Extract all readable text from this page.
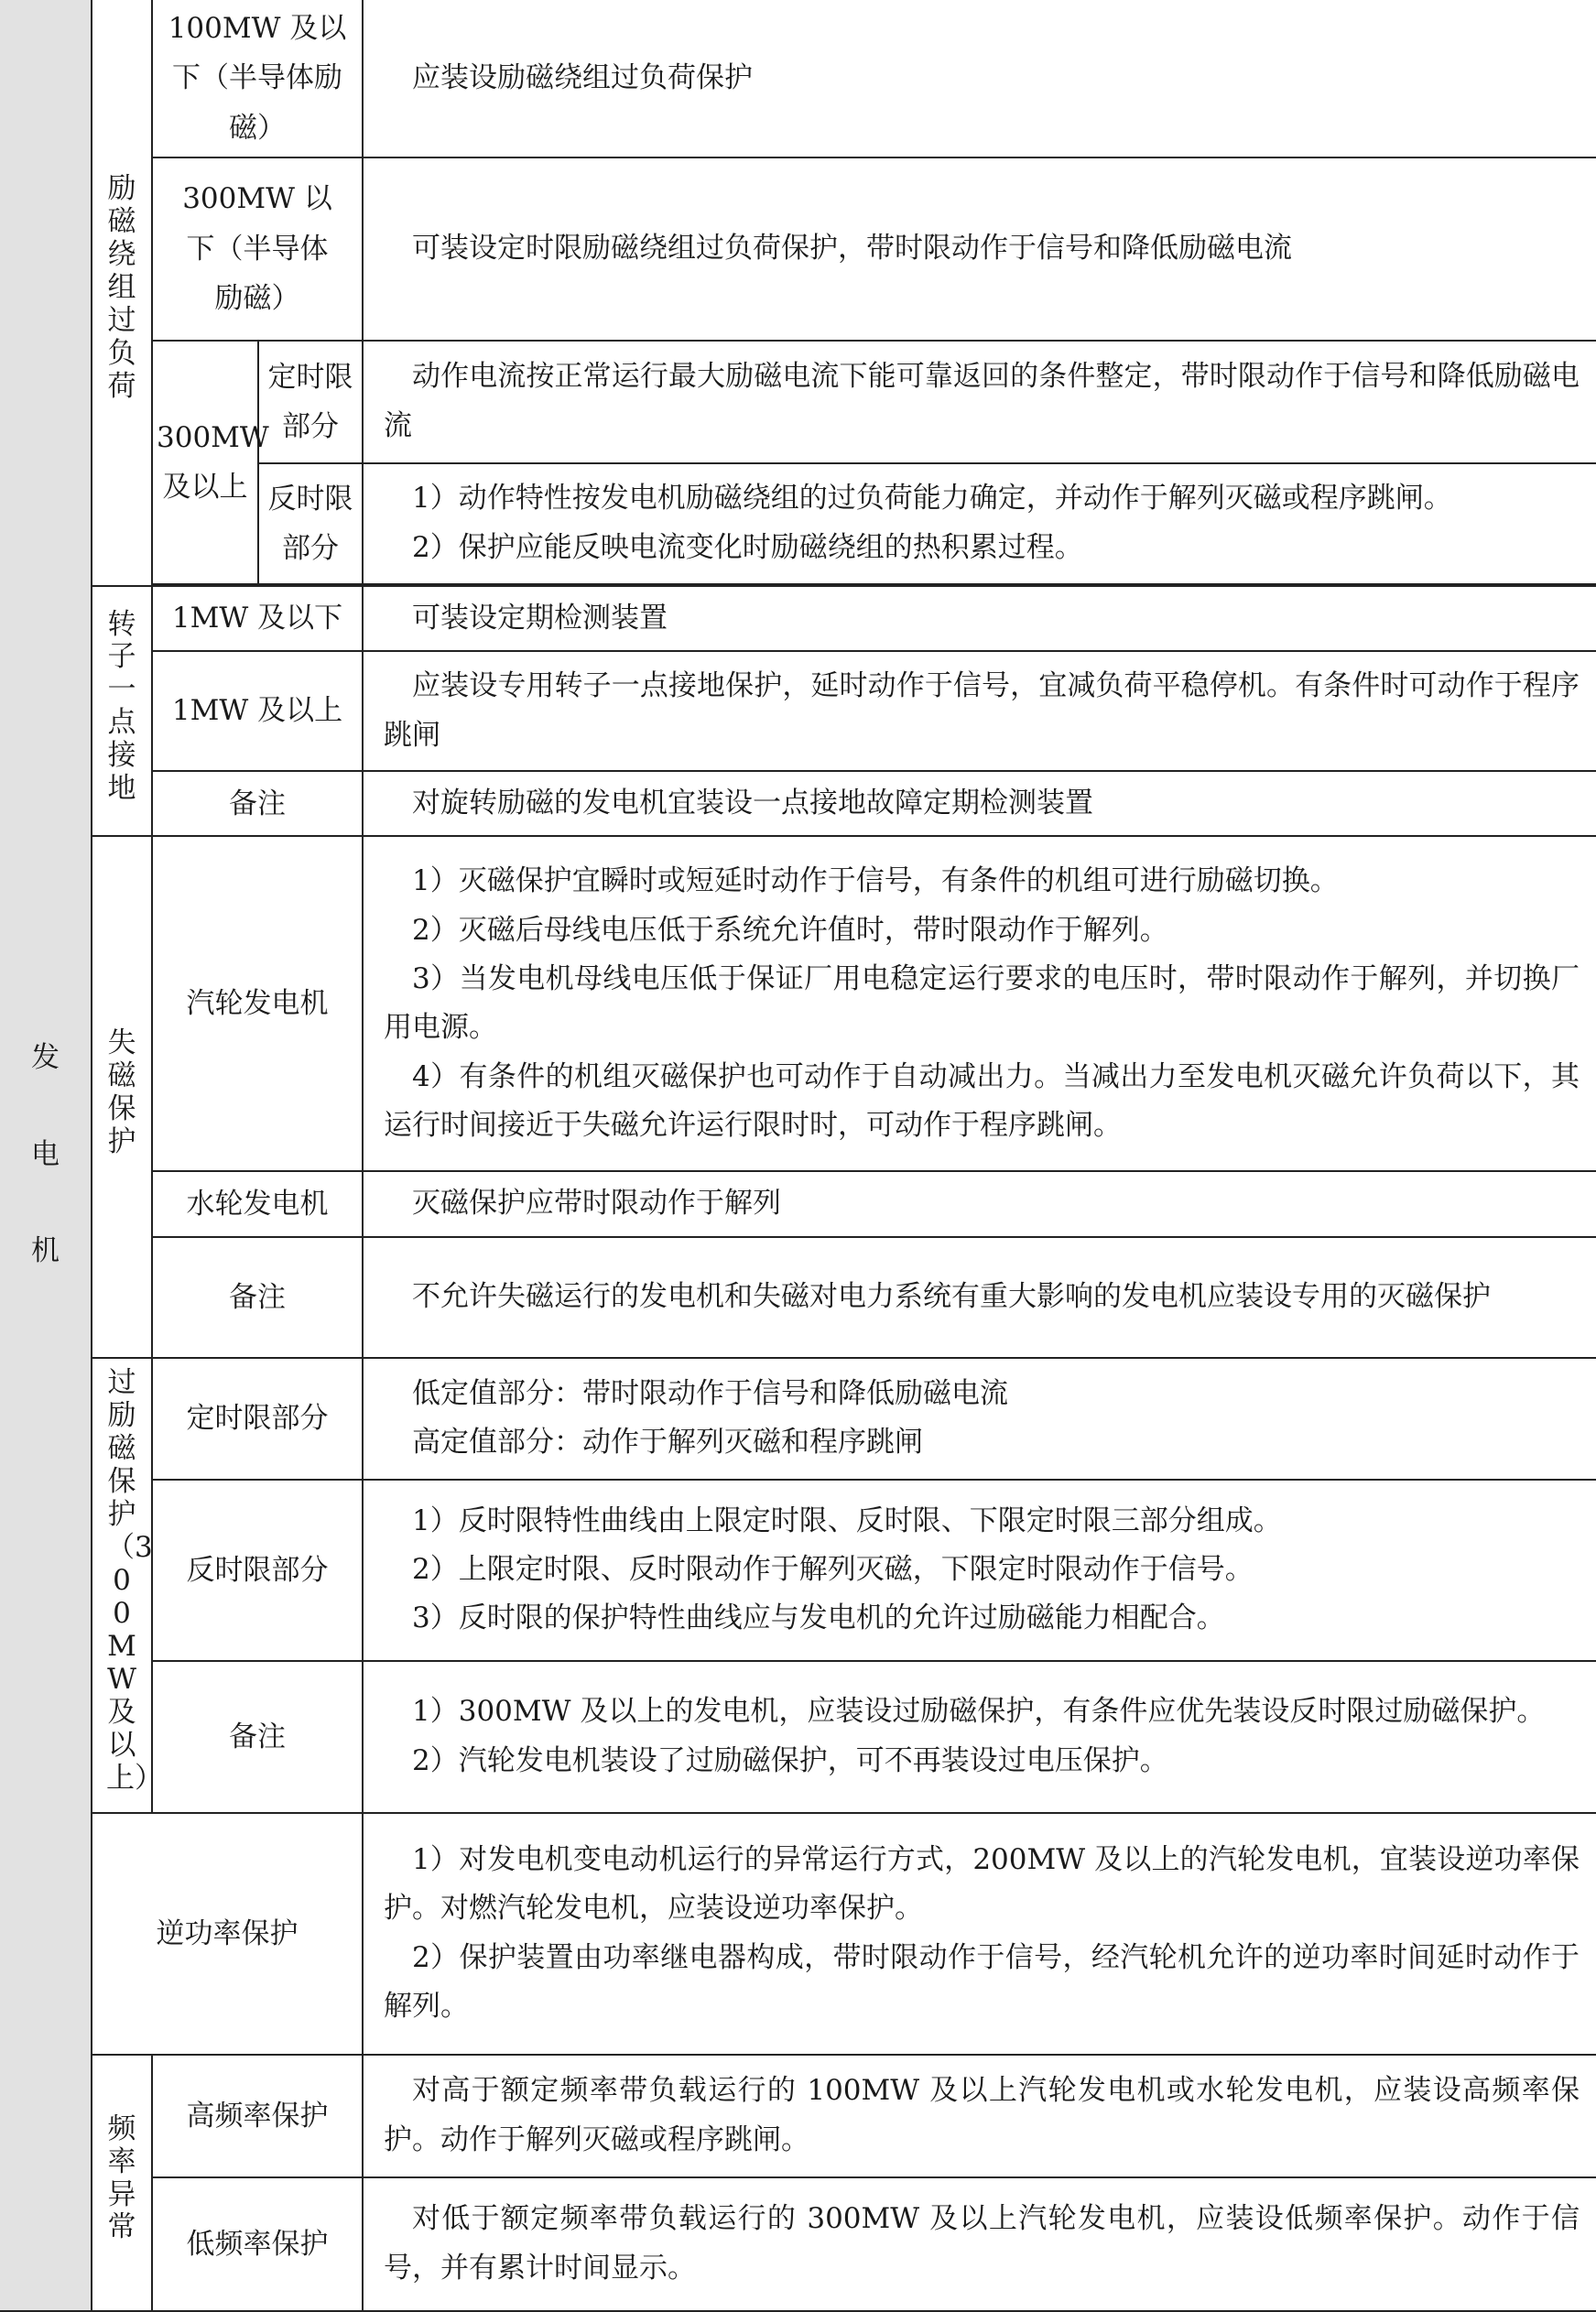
发电机	励磁绕组过负荷	100MW 及以下（半导体励磁）		应装设励磁绕组过负荷保护

		300MW 以下（半导体励磁）		可装设定时限励磁绕组过负荷保护，带时限动作于信号和降低励磁电流

		300MW 及以上	定时限部分	动作电流按正常运行最大励磁电流下能可靠返回的条件整定，带时限动作于信号和降低励磁电流

			反时限部分	1）动作特性按发电机励磁绕组的过负荷能力确定，并动作于解列灭磁或程序跳闸。
2）保护应能反映电流变化时励磁绕组的热积累过程。

	转子一点接地	1MW 及以下		可装设定期检测装置

		1MW 及以上		应装设专用转子一点接地保护，延时动作于信号，宜减负荷平稳停机。有条件时可动作于程序跳闸

		备注		对旋转励磁的发电机宜装设一点接地故障定期检测装置

	失磁保护	汽轮发电机		1）灭磁保护宜瞬时或短延时动作于信号，有条件的机组可进行励磁切换。
2）灭磁后母线电压低于系统允许值时，带时限动作于解列。
3）当发电机母线电压低于保证厂用电稳定运行要求的电压时，带时限动作于解列，并切换厂用电源。
4）有条件的机组灭磁保护也可动作于自动减出力。当减出力至发电机灭磁允许负荷以下，其运行时间接近于失磁允许运行限时时，可动作于程序跳闸。

		水轮发电机		灭磁保护应带时限动作于解列

		备注		不允许失磁运行的发电机和失磁对电力系统有重大影响的发电机应装设专用的灭磁保护

	过励磁保护（300MW及以上）	定时限部分		低定值部分：带时限动作于信号和降低励磁电流
高定值部分：动作于解列灭磁和程序跳闸

		反时限部分		1）反时限特性曲线由上限定时限、反时限、下限定时限三部分组成。
2）上限定时限、反时限动作于解列灭磁，下限定时限动作于信号。
3）反时限的保护特性曲线应与发电机的允许过励磁能力相配合。

		备注		1）300MW 及以上的发电机，应装设过励磁保护，有条件应优先装设反时限过励磁保护。
2）汽轮发电机装设了过励磁保护，可不再装设过电压保护。

	逆功率保护			1）对发电机变电动机运行的异常运行方式，200MW 及以上的汽轮发电机，宜装设逆功率保护。对燃汽轮发电机，应装设逆功率保护。
2）保护装置由功率继电器构成，带时限动作于信号，经汽轮机允许的逆功率时间延时动作于解列。

	频率异常	高频率保护		对高于额定频率带负载运行的 100MW 及以上汽轮发电机或水轮发电机，应装设高频率保护。动作于解列灭磁或程序跳闸。

		低频率保护		对低于额定频率带负载运行的 300MW 及以上汽轮发电机，应装设低频率保护。动作于信号，并有累计时间显示。
